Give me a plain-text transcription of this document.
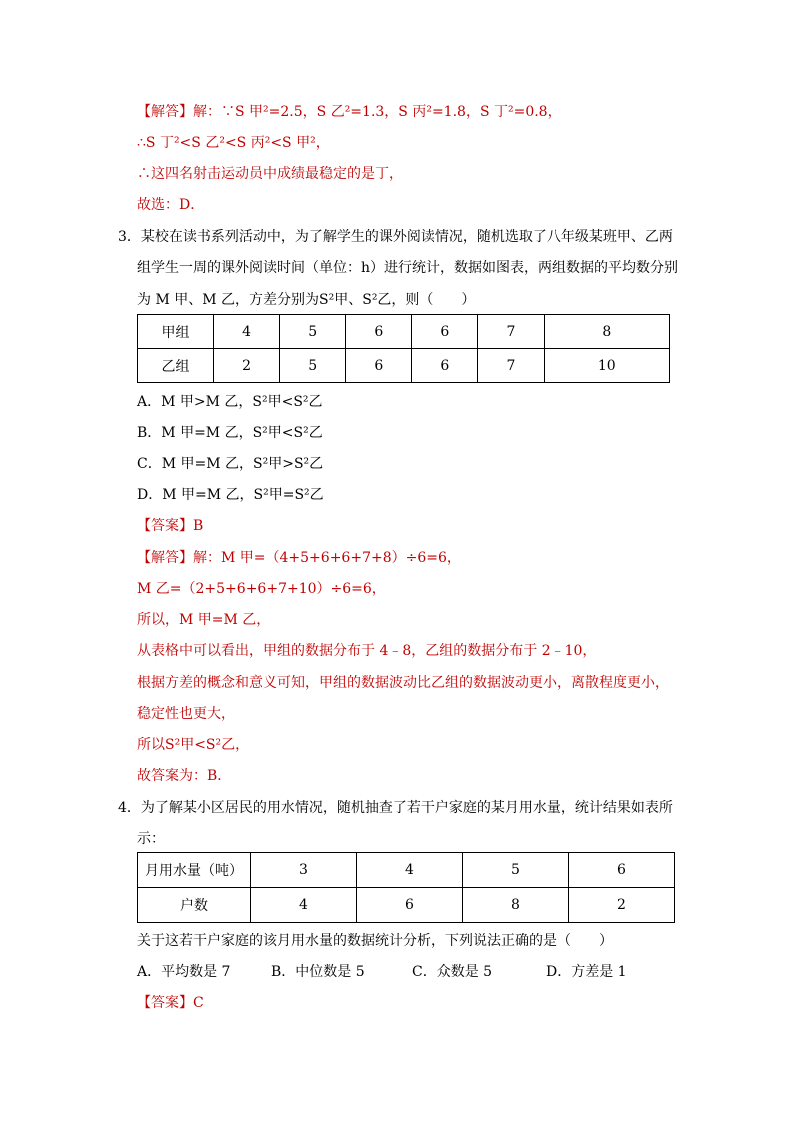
【解答】解：∵S 甲²=2.5，S 乙²=1.3，S 丙²=1.8，S 丁²=0.8，
∴S 丁²<S 乙²<S 丙²<S 甲²，
∴这四名射击运动员中成绩最稳定的是丁，
故选：D．
3．某校在读书系列活动中，为了解学生的课外阅读情况，随机选取了八年级某班甲、乙两
组学生一周的课外阅读时间（单位：h）进行统计，数据如图表，两组数据的平均数分别
为 M 甲、M 乙，方差分别为S²甲、S²乙，则（　　）
甲组	4	5	6	6	7	8
乙组	2	5	6	6	7	10
A．M 甲>M 乙，S²甲<S²乙
B．M 甲=M 乙，S²甲<S²乙
C．M 甲=M 乙，S²甲>S²乙
D．M 甲=M 乙，S²甲=S²乙
【答案】B
【解答】解：M 甲=（4+5+6+6+7+8）÷6=6，
M 乙=（2+5+6+6+7+10）÷6=6，
所以，M 甲=M 乙，
从表格中可以看出，甲组的数据分布于 4﹣8，乙组的数据分布于 2﹣10，
根据方差的概念和意义可知，甲组的数据波动比乙组的数据波动更小，离散程度更小，
稳定性也更大，
所以S²甲<S²乙，
故答案为：B．
4．为了解某小区居民的用水情况，随机抽查了若干户家庭的某月用水量，统计结果如表所
示：
月用水量（吨）	3	4	5	6
户数	4	6	8	2
关于这若干户家庭的该月用水量的数据统计分析，下列说法正确的是（　　）
A．平均数是 7	B．中位数是 5	C．众数是 5	D．方差是 1
【答案】C
